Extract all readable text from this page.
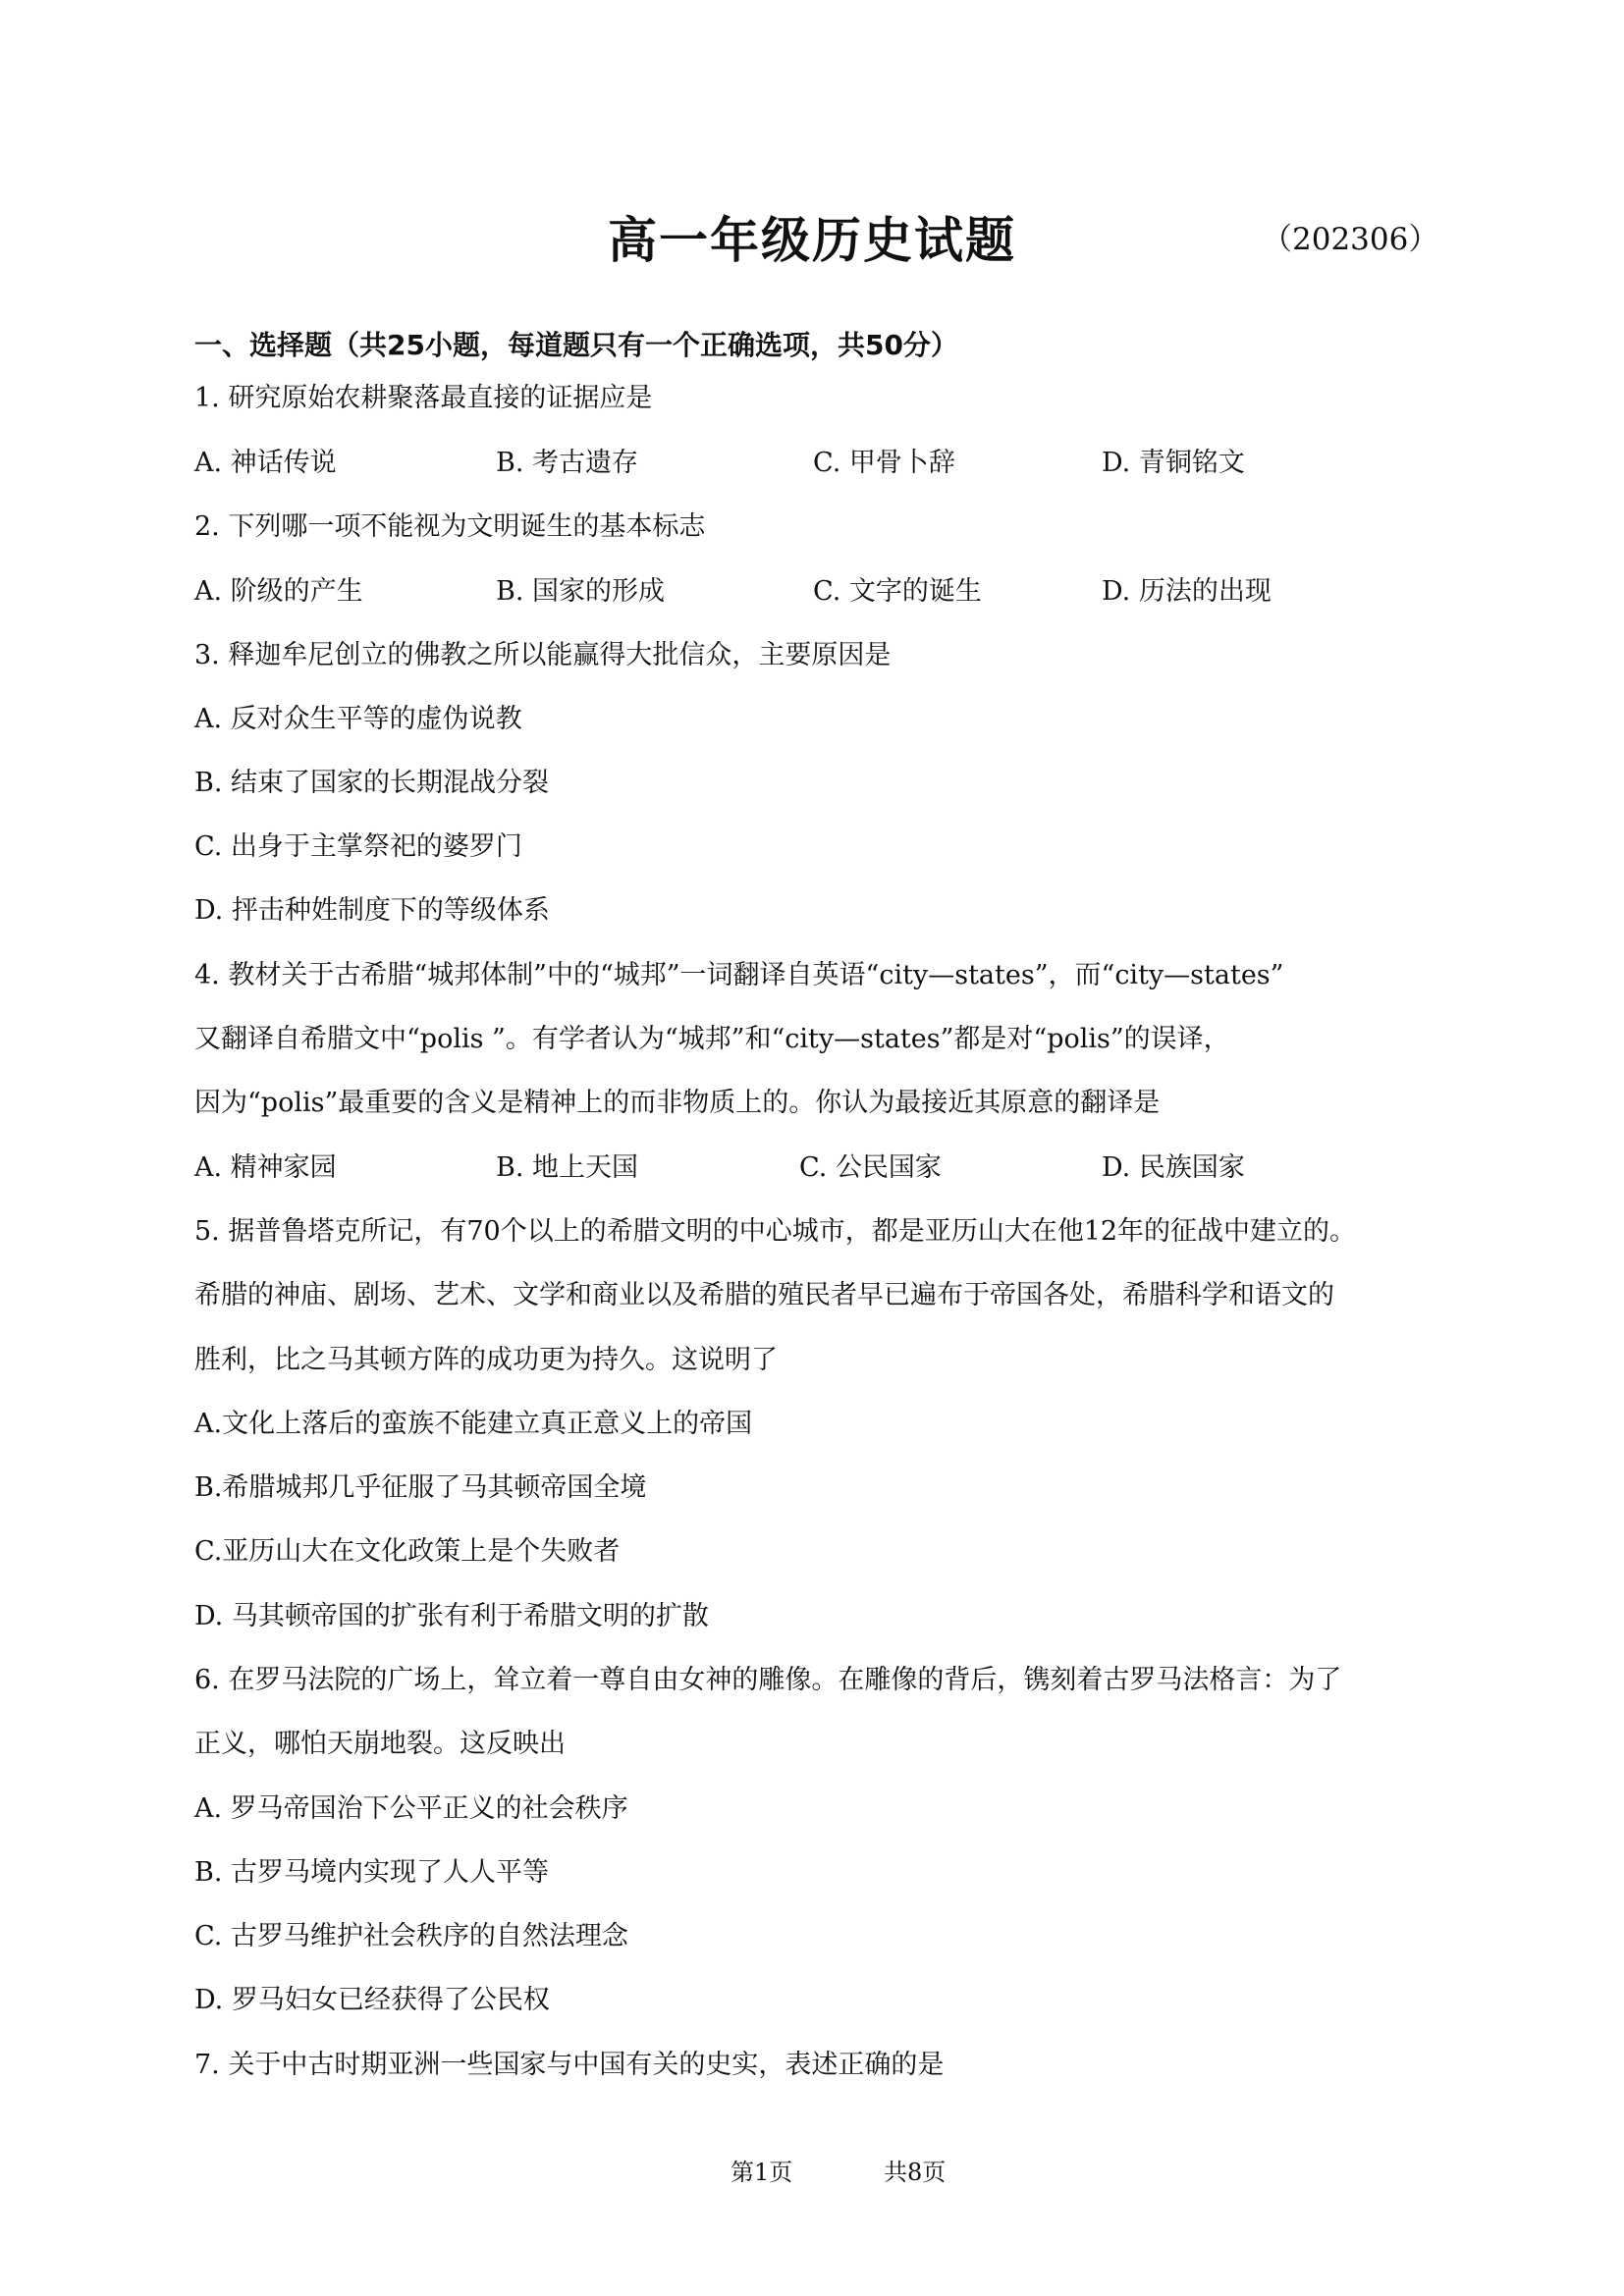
高一年级历史试题	（202306）
一、选择题（共25小题，每道题只有一个正确选项，共50分）
1. 研究原始农耕聚落最直接的证据应是
A. 神话传说	B. 考古遗存	C. 甲骨卜辞	D. 青铜铭文
2. 下列哪一项不能视为文明诞生的基本标志
A. 阶级的产生	B. 国家的形成	C. 文字的诞生	D. 历法的出现
3. 释迦牟尼创立的佛教之所以能赢得大批信众，主要原因是
A. 反对众生平等的虚伪说教
B. 结束了国家的长期混战分裂
C. 出身于主掌祭祀的婆罗门
D. 抨击种姓制度下的等级体系
4. 教材关于古希腊“城邦体制”中的“城邦”一词翻译自英语“city—states”，而“city—states”
又翻译自希腊文中“polis ”。有学者认为“城邦”和“city—states”都是对“polis”的误译，
因为“polis”最重要的含义是精神上的而非物质上的。你认为最接近其原意的翻译是
A. 精神家园	B. 地上天国	C. 公民国家	D. 民族国家
5. 据普鲁塔克所记，有70个以上的希腊文明的中心城市，都是亚历山大在他12年的征战中建立的。
希腊的神庙、剧场、艺术、文学和商业以及希腊的殖民者早已遍布于帝国各处，希腊科学和语文的
胜利，比之马其顿方阵的成功更为持久。这说明了
A.文化上落后的蛮族不能建立真正意义上的帝国
B.希腊城邦几乎征服了马其顿帝国全境
C.亚历山大在文化政策上是个失败者
D. 马其顿帝国的扩张有利于希腊文明的扩散
6. 在罗马法院的广场上，耸立着一尊自由女神的雕像。在雕像的背后，镌刻着古罗马法格言：为了
正义，哪怕天崩地裂。这反映出
A. 罗马帝国治下公平正义的社会秩序
B. 古罗马境内实现了人人平等
C. 古罗马维护社会秩序的自然法理念
D. 罗马妇女已经获得了公民权
7. 关于中古时期亚洲一些国家与中国有关的史实，表述正确的是
第1页	共8页
